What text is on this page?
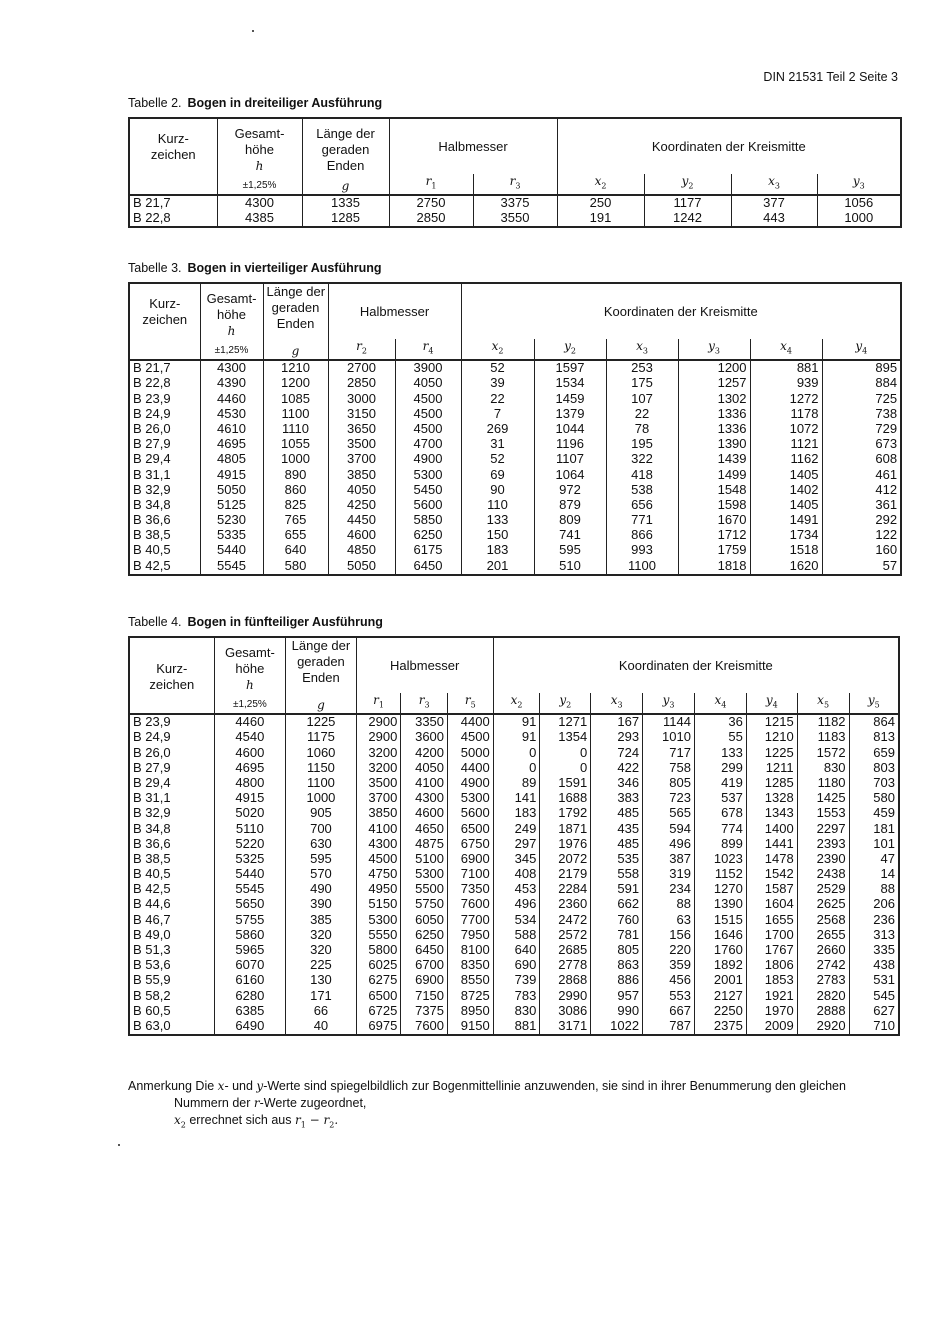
DIN 21531 Teil 2 Seite 3
Tabelle 2. Bogen in dreiteiliger Ausführung
Kurz-
zeichen	Gesamt-
höhe
h	Länge der
geraden
Enden	Halbmesser		Koordinaten der Kreismitte			
	±1,25%	g	$r_1$	$r_3$	$x_2$	$y_2$	$x_3$	$y_3$
B 21,7	4300	1335	2750	3375	250	1177	377	1056
B 22,8	4385	1285	2850	3550	191	1242	443	1000
Tabelle 3. Bogen in vierteiliger Ausführung
Kurz-
zeichen	Gesamt-
höhe
h	Länge der
geraden
Enden	Halbmesser		Koordinaten der Kreismitte					
	±1,25%	g	$r_2$	$r_4$	$x_2$	$y_2$	$x_3$	$y_3$	$x_4$	$y_4$
B 21,7	4300	1210	2700	3900	52	1597	253	1200	881	895
B 22,8	4390	1200	2850	4050	39	1534	175	1257	939	884
B 23,9	4460	1085	3000	4500	22	1459	107	1302	1272	725
B 24,9	4530	1100	3150	4500	7	1379	22	1336	1178	738
B 26,0	4610	1110	3650	4500	269	1044	78	1336	1072	729
B 27,9	4695	1055	3500	4700	31	1196	195	1390	1121	673
B 29,4	4805	1000	3700	4900	52	1107	322	1439	1162	608
B 31,1	4915	890	3850	5300	69	1064	418	1499	1405	461
B 32,9	5050	860	4050	5450	90	972	538	1548	1402	412
B 34,8	5125	825	4250	5600	110	879	656	1598	1405	361
B 36,6	5230	765	4450	5850	133	809	771	1670	1491	292
B 38,5	5335	655	4600	6250	150	741	866	1712	1734	122
B 40,5	5440	640	4850	6175	183	595	993	1759	1518	160
B 42,5	5545	580	5050	6450	201	510	1100	1818	1620	57
Tabelle 4. Bogen in fünfteiliger Ausführung
Kurz-
zeichen	Gesamt-
höhe
h	Länge der
geraden
Enden	Halbmesser			Koordinaten der Kreismitte							
	±1,25%	g	$r_1$	$r_3$	$r_5$	$x_2$	$y_2$	$x_3$	$y_3$	$x_4$	$y_4$	$x_5$	$y_5$
B 23,9	4460	1225	2900	3350	4400	91	1271	167	1144	36	1215	1182	864
B 24,9	4540	1175	2900	3600	4500	91	1354	293	1010	55	1210	1183	813
B 26,0	4600	1060	3200	4200	5000	0	0	724	717	133	1225	1572	659
B 27,9	4695	1150	3200	4050	4400	0	0	422	758	299	1211	830	803
B 29,4	4800	1100	3500	4100	4900	89	1591	346	805	419	1285	1180	703
B 31,1	4915	1000	3700	4300	5300	141	1688	383	723	537	1328	1425	580
B 32,9	5020	905	3850	4600	5600	183	1792	485	565	678	1343	1553	459
B 34,8	5110	700	4100	4650	6500	249	1871	435	594	774	1400	2297	181
B 36,6	5220	630	4300	4875	6750	297	1976	485	496	899	1441	2393	101
B 38,5	5325	595	4500	5100	6900	345	2072	535	387	1023	1478	2390	47
B 40,5	5440	570	4750	5300	7100	408	2179	558	319	1152	1542	2438	14
B 42,5	5545	490	4950	5500	7350	453	2284	591	234	1270	1587	2529	88
B 44,6	5650	390	5150	5750	7600	496	2360	662	88	1390	1604	2625	206
B 46,7	5755	385	5300	6050	7700	534	2472	760	63	1515	1655	2568	236
B 49,0	5860	320	5550	6250	7950	588	2572	781	156	1646	1700	2655	313
B 51,3	5965	320	5800	6450	8100	640	2685	805	220	1760	1767	2660	335
B 53,6	6070	225	6025	6700	8350	690	2778	863	359	1892	1806	2742	438
B 55,9	6160	130	6275	6900	8550	739	2868	886	456	2001	1853	2783	531
B 58,2	6280	171	6500	7150	8725	783	2990	957	553	2127	1921	2820	545
B 60,5	6385	66	6725	7375	8950	830	3086	990	667	2250	1970	2888	627
B 63,0	6490	40	6975	7600	9150	881	3171	1022	787	2375	2009	2920	710
Anmerkung Die x- und y-Werte sind spiegelbildlich zur Bogenmittellinie anzuwenden, sie sind in ihrer Benummerung den gleichen
Nummern der r-Werte zugeordnet,
$x_2$ errechnet sich aus $r_1 - r_2$.
